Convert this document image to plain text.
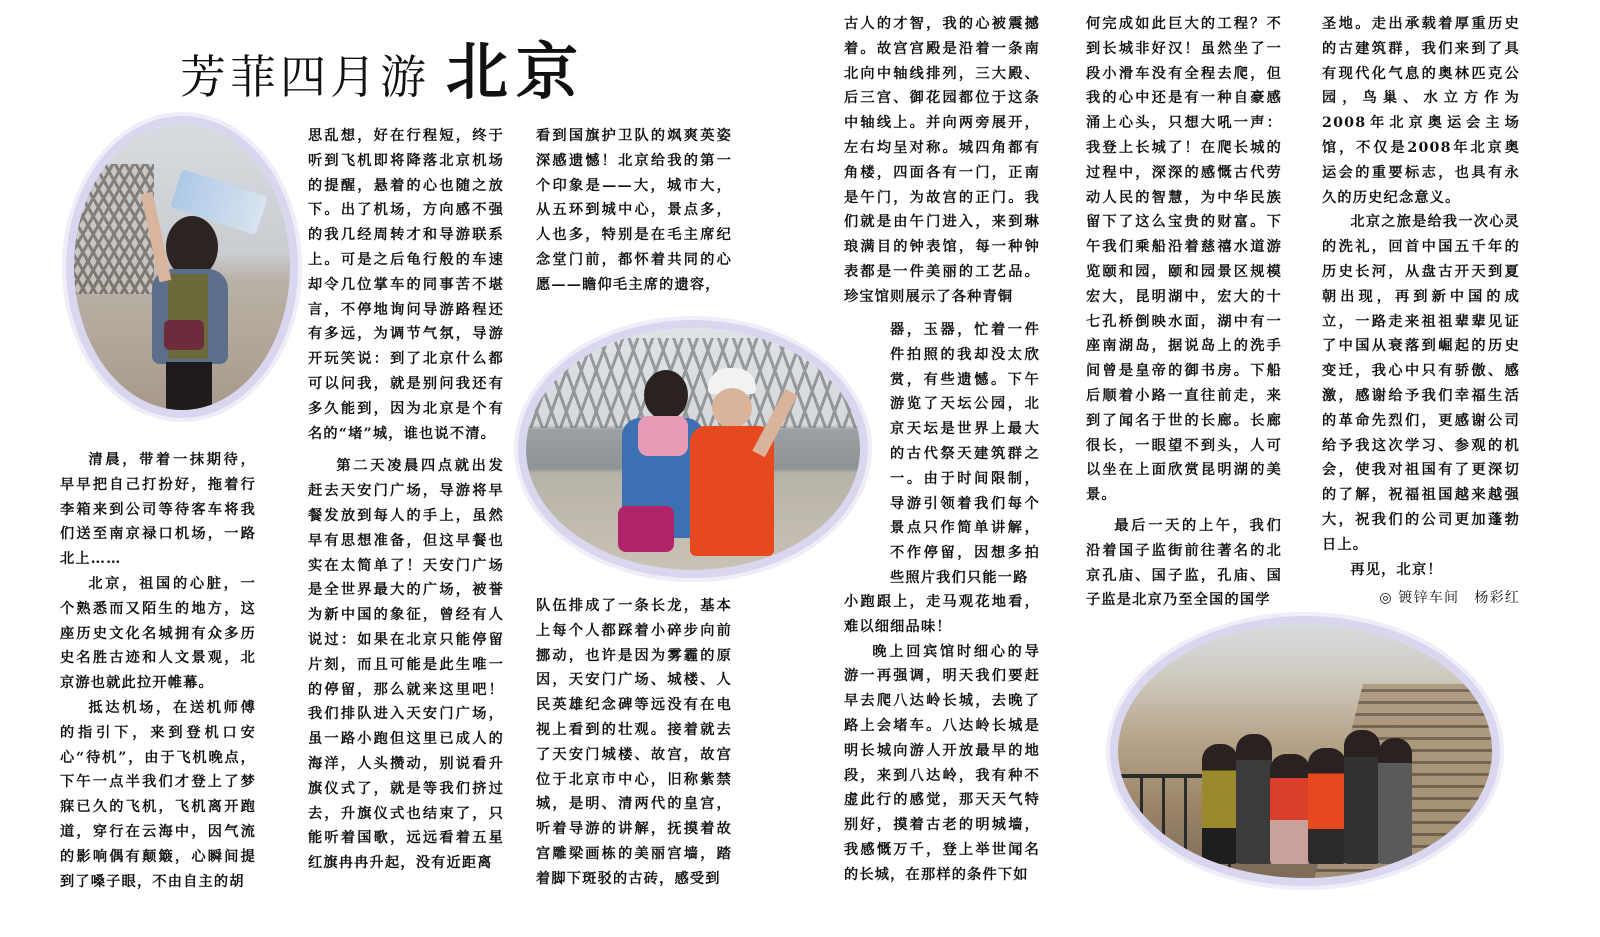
芳菲四月游 北京

清晨，带着一抹期待，早早把自己打扮好，拖着行李箱来到公司等待客车将我们送至南京禄口机场，一路北上……

北京，祖国的心脏，一个熟悉而又陌生的地方，这座历史文化名城拥有众多历史名胜古迹和人文景观，北京游也就此拉开帷幕。

抵达机场，在送机师傅的指引下，来到登机口安心“待机”，由于飞机晚点，下午一点半我们才登上了梦寐已久的飞机，飞机离开跑道，穿行在云海中，因气流的影响偶有颠簸，心瞬间提到了嗓子眼，不由自主的胡

思乱想，好在行程短，终于听到飞机即将降落北京机场的提醒，悬着的心也随之放下。出了机场，方向感不强的我几经周转才和导游联系上。可是之后龟行般的车速却令几位掌车的同事苦不堪言，不停地询问导游路程还有多远，为调节气氛，导游开玩笑说：到了北京什么都可以问我，就是别问我还有多久能到，因为北京是个有名的“堵”城，谁也说不清。

第二天凌晨四点就出发赶去天安门广场，导游将早餐发放到每人的手上，虽然早有思想准备，但这早餐也实在太简单了！天安门广场是全世界最大的广场，被誉为新中国的象征，曾经有人说过：如果在北京只能停留片刻，而且可能是此生唯一的停留，那么就来这里吧！我们排队进入天安门广场，虽一路小跑但这里已成人的海洋，人头攒动，别说看升旗仪式了，就是等我们挤过去，升旗仪式也结束了，只能听着国歌，远远看着五星红旗冉冉升起，没有近距离

看到国旗护卫队的飒爽英姿深感遗憾！北京给我的第一个印象是——大，城市大，从五环到城中心，景点多，人也多，特别是在毛主席纪念堂门前，都怀着共同的心愿——瞻仰毛主席的遗容，

队伍排成了一条长龙，基本上每个人都踩着小碎步向前挪动，也许是因为雾霾的原因，天安门广场、城楼、人民英雄纪念碑等远没有在电视上看到的壮观。接着就去了天安门城楼、故宫，故宫位于北京市中心，旧称紫禁城，是明、清两代的皇宫，听着导游的讲解，抚摸着故宫雕梁画栋的美丽宫墙，踏着脚下斑驳的古砖，感受到

古人的才智，我的心被震撼着。故宫宫殿是沿着一条南北向中轴线排列，三大殿、后三宫、御花园都位于这条中轴线上。并向两旁展开，左右均呈对称。城四角都有角楼，四面各有一门，正南是午门，为故宫的正门。我们就是由午门进入，来到琳琅满目的钟表馆，每一种钟表都是一件美丽的工艺品。珍宝馆则展示了各种青铜

器，玉器，忙着一件件拍照的我却没太欣赏，有些遗憾。下午游览了天坛公园，北京天坛是世界上最大的古代祭天建筑群之一。由于时间限制，导游引领着我们每个景点只作简单讲解，不作停留，因想多拍些照片我们只能一路

小跑跟上，走马观花地看，难以细细品味！

晚上回宾馆时细心的导游一再强调，明天我们要赶早去爬八达岭长城，去晚了路上会堵车。八达岭长城是明长城向游人开放最早的地段，来到八达岭，我有种不虚此行的感觉，那天天气特别好，摸着古老的明城墙，我感慨万千，登上举世闻名的长城，在那样的条件下如

何完成如此巨大的工程？不到长城非好汉！虽然坐了一段小滑车没有全程去爬，但我的心中还是有一种自豪感涌上心头，只想大吼一声：我登上长城了！在爬长城的过程中，深深的感慨古代劳动人民的智慧，为中华民族留下了这么宝贵的财富。下午我们乘船沿着慈禧水道游览颐和园，颐和园景区规模宏大，昆明湖中，宏大的十七孔桥倒映水面，湖中有一座南湖岛，据说岛上的洗手间曾是皇帝的御书房。下船后顺着小路一直往前走，来到了闻名于世的长廊。长廊很长，一眼望不到头，人可以坐在上面欣赏昆明湖的美景。

最后一天的上午，我们沿着国子监街前往著名的北京孔庙、国子监，孔庙、国子监是北京乃至全国的国学

圣地。走出承载着厚重历史的古建筑群，我们来到了具有现代化气息的奥林匹克公园，鸟巢、水立方作为2008年北京奥运会主场馆，不仅是2008年北京奥运会的重要标志，也具有永久的历史纪念意义。

北京之旅是给我一次心灵的洗礼，回首中国五千年的历史长河，从盘古开天到夏朝出现，再到新中国的成立，一路走来祖祖辈辈见证了中国从衰落到崛起的历史变迁，我心中只有骄傲、感激，感谢给予我们幸福生活的革命先烈们，更感谢公司给予我这次学习、参观的机会，使我对祖国有了更深切的了解，祝福祖国越来越强大，祝我们的公司更加蓬勃日上。

再见，北京！

◎ 镀锌车间　杨彩红
